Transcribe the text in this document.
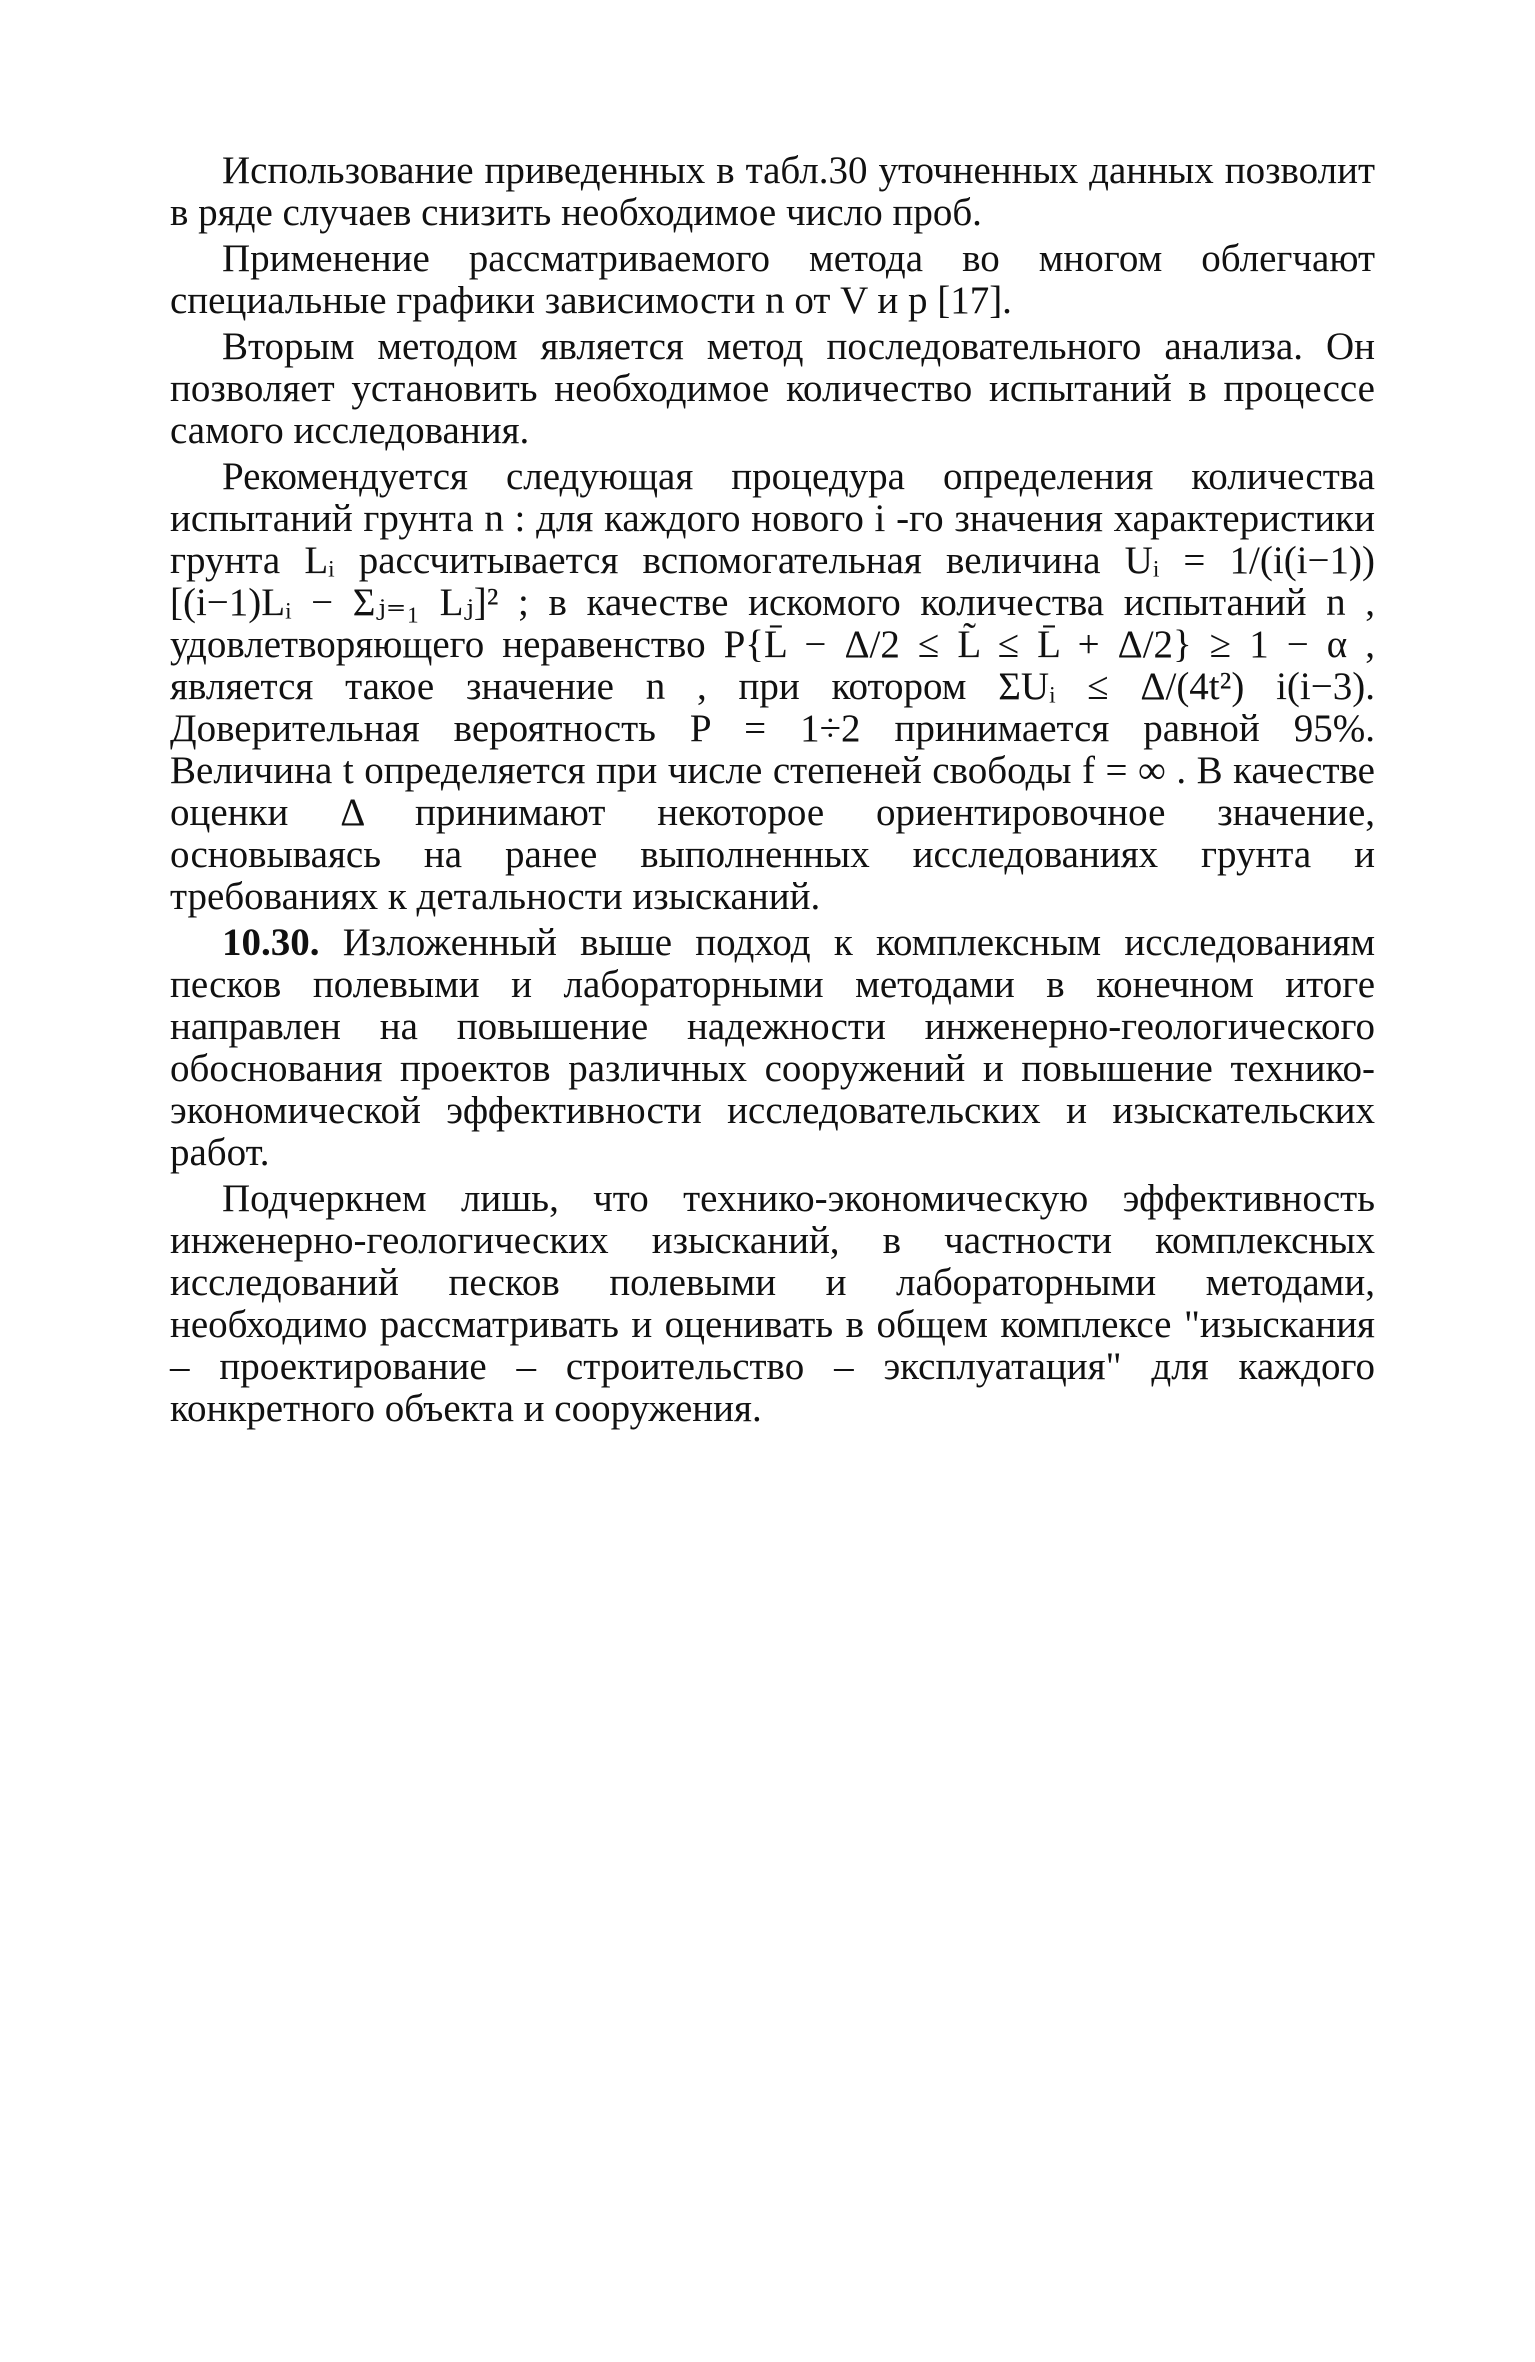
Использование приведенных в табл.30 уточненных данных позволит в ряде случаев снизить необходимое число проб.

Применение рассматриваемого метода во многом облегчают специальные графики зависимости n от V и p [17].

Вторым методом является метод последовательного анализа. Он позволяет установить необходимое количество испытаний в процессе самого исследования.

Рекомендуется следующая процедура определения количества испытаний грунта n : для каждого нового i -го значения характеристики грунта Lᵢ рассчитывается вспомогательная величина Uᵢ = 1/(i(i−1)) [(i−1)Lᵢ − Σⱼ₌₁ Lⱼ]² ; в качестве искомого количества испытаний n , удовлетворяющего неравенство P{L̄ − Δ/2 ≤ L̃ ≤ L̄ + Δ/2} ≥ 1 − α , является такое значение n , при котором ΣUᵢ ≤ Δ/(4t²) i(i−3). Доверительная вероятность P = 1÷2 принимается равной 95%. Величина t определяется при числе степеней свободы f = ∞ . В качестве оценки Δ принимают некоторое ориентировочное значение, основываясь на ранее выполненных исследованиях грунта и требованиях к детальности изысканий.

10.30. Изложенный выше подход к комплексным исследованиям песков полевыми и лабораторными методами в конечном итоге направлен на повышение надежности инженерно-геологического обоснования проектов различных сооружений и повышение технико-экономической эффективности исследовательских и изыскательских работ.

Подчеркнем лишь, что технико-экономическую эффективность инженерно-геологических изысканий, в частности комплексных исследований песков полевыми и лабораторными методами, необходимо рассматривать и оценивать в общем комплексе "изыскания – проектирование – строительство – эксплуатация" для каждого конкретного объекта и сооружения.
